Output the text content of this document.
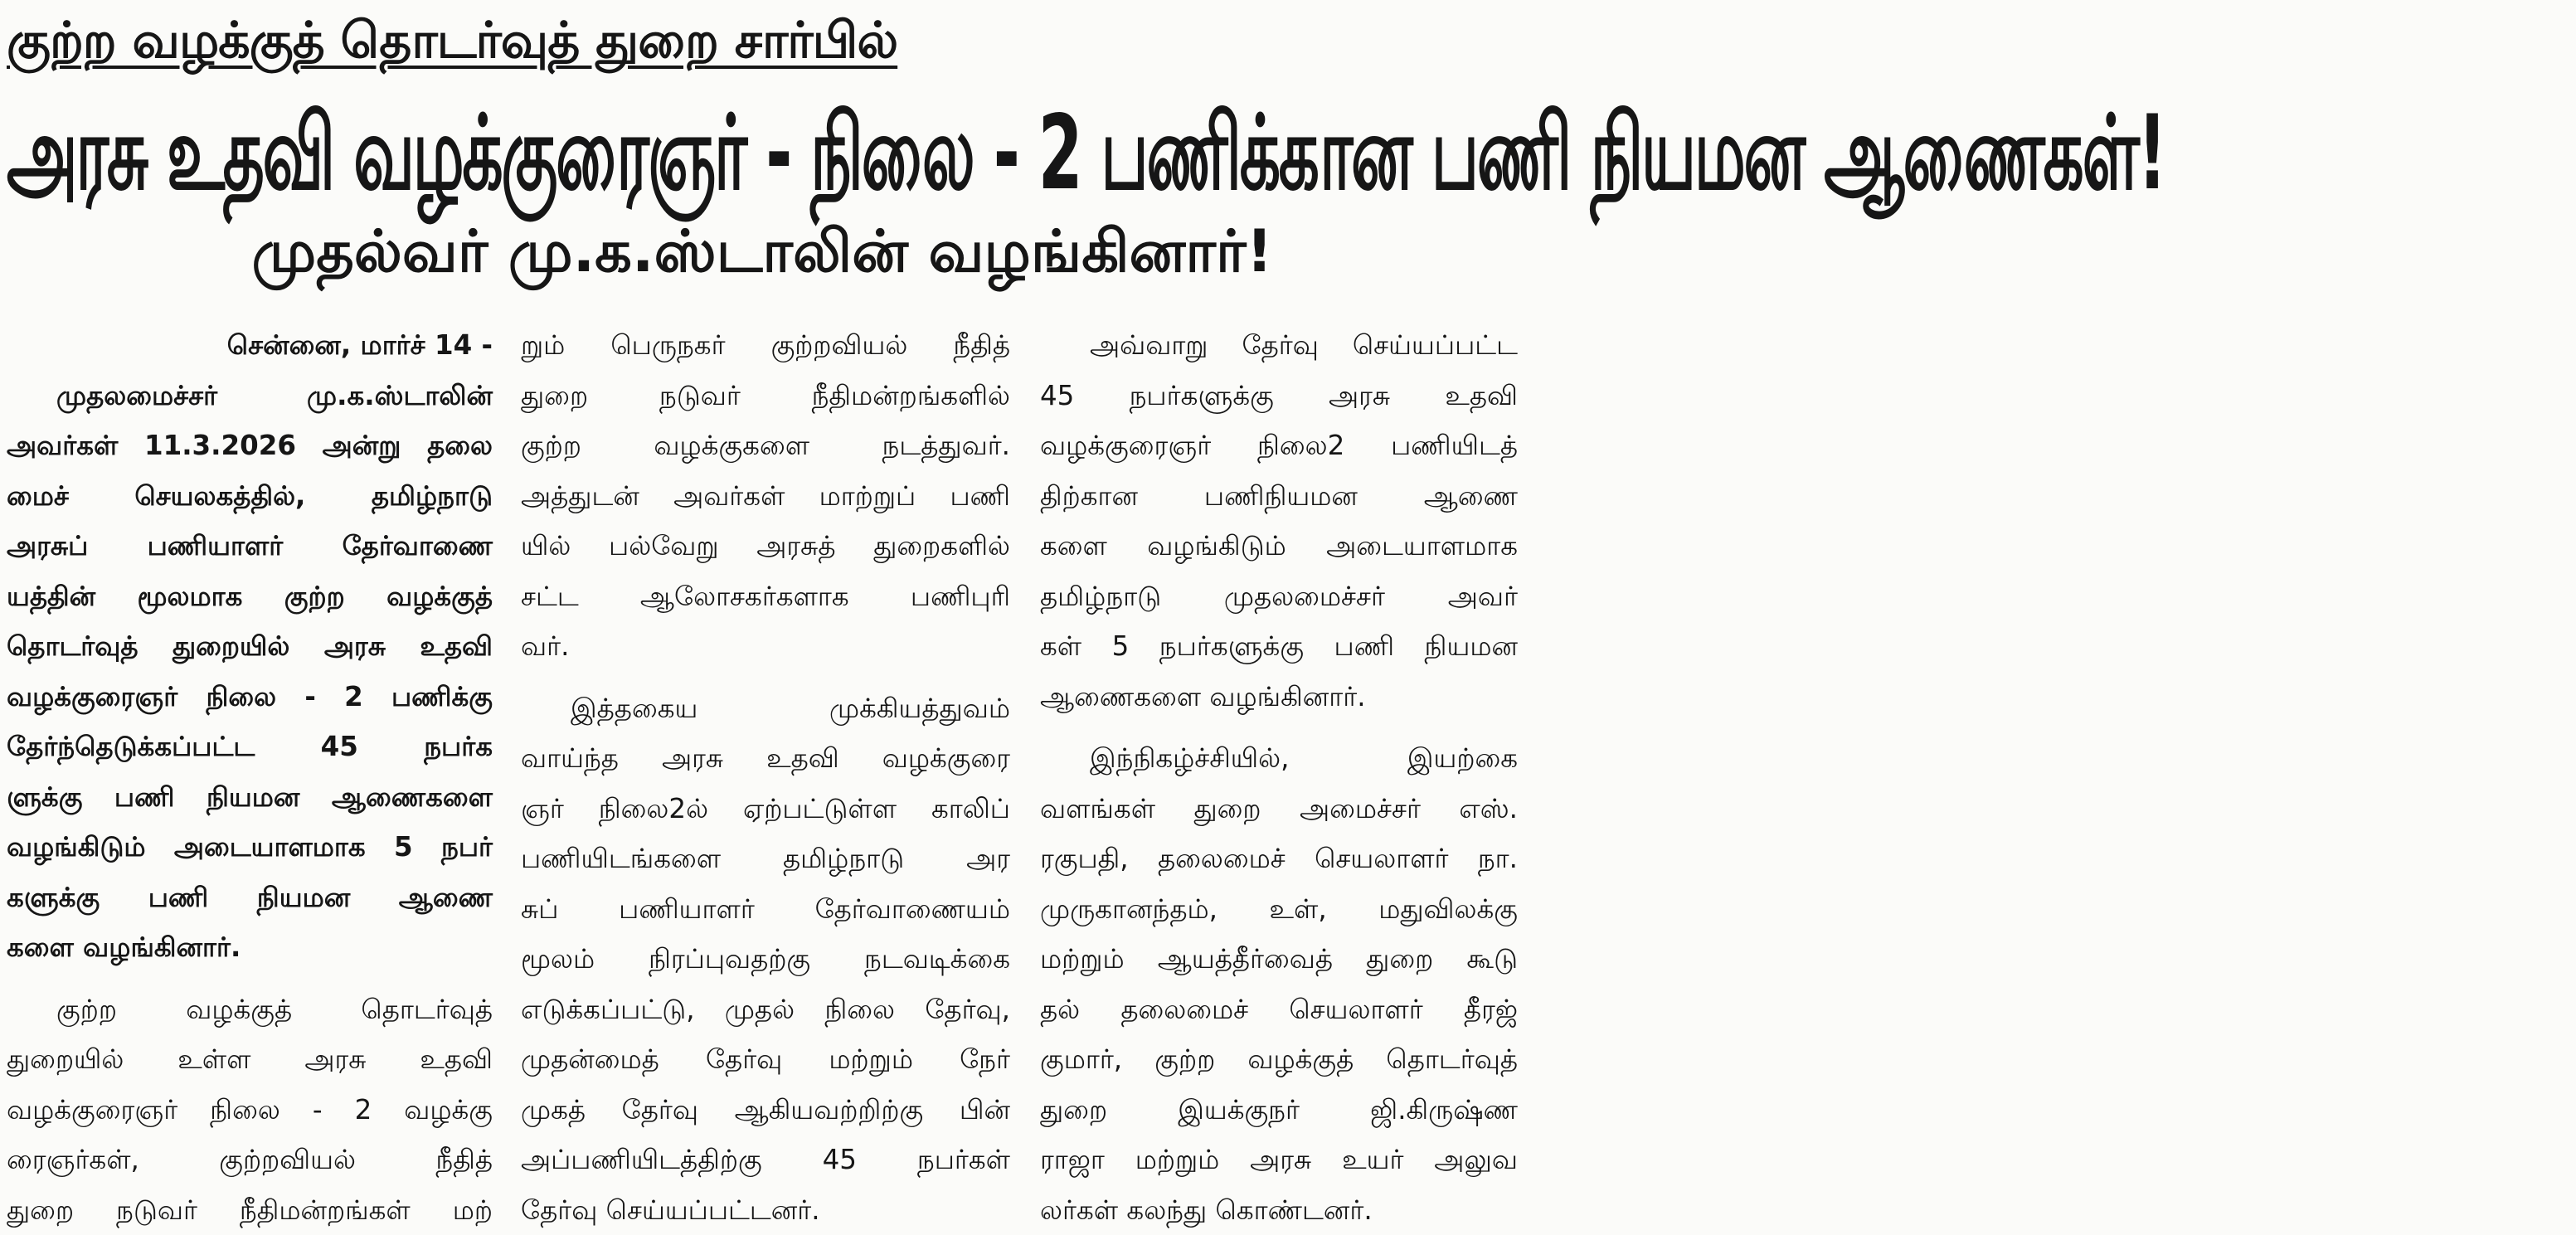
குற்ற வழக்குத் தொடர்வுத் துறை சார்பில்
அரசு உதவி வழக்குரைஞர் - நிலை - 2 பணிக்கான பணி நியமன ஆணைகள்!
முதல்வர் மு.க.ஸ்டாலின் வழங்கினார்!

சென்னை, மார்ச் 14 -

முதலமைச்சர் மு.க.ஸ்டாலின்

அவர்கள் 11.3.2026 அன்று தலை

மைச் செயலகத்தில், தமிழ்நாடு

அரசுப் பணியாளர் தேர்வாணை

யத்தின் மூலமாக குற்ற வழக்குத்

தொடர்வுத் துறையில் அரசு உதவி

வழக்குரைஞர் நிலை - 2 பணிக்கு

தேர்ந்தெடுக்கப்பட்ட 45 நபர்க

ளுக்கு பணி நியமன ஆணைகளை

வழங்கிடும் அடையாளமாக 5 நபர்

களுக்கு பணி நியமன ஆணை

களை வழங்கினார்.

குற்ற வழக்குத் தொடர்வுத்

துறையில் உள்ள அரசு உதவி

வழக்குரைஞர் நிலை - 2 வழக்கு

ரைஞர்கள், குற்றவியல் நீதித்

துறை நடுவர் நீதிமன்றங்கள் மற்

றும் பெருநகர் குற்றவியல் நீதித்

துறை நடுவர் நீதிமன்றங்களில்

குற்ற வழக்குகளை நடத்துவர்.

அத்துடன் அவர்கள் மாற்றுப் பணி

யில் பல்வேறு அரசுத் துறைகளில்

சட்ட ஆலோசகர்களாக பணிபுரி

வர்.

இத்தகைய முக்கியத்துவம்

வாய்ந்த அரசு உதவி வழக்குரை

ஞர் நிலை2ல் ஏற்பட்டுள்ள காலிப்

பணியிடங்களை தமிழ்நாடு அர

சுப் பணியாளர் தேர்வாணையம்

மூலம் நிரப்புவதற்கு நடவடிக்கை

எடுக்கப்பட்டு, முதல் நிலை தேர்வு,

முதன்மைத் தேர்வு மற்றும் நேர்

முகத் தேர்வு ஆகியவற்றிற்கு பின்

அப்பணியிடத்திற்கு 45 நபர்கள்

தேர்வு செய்யப்பட்டனர்.

அவ்வாறு தேர்வு செய்யப்பட்ட

45 நபர்களுக்கு அரசு உதவி

வழக்குரைஞர் நிலை2 பணியிடத்

திற்கான பணிநியமன ஆணை

களை வழங்கிடும் அடையாளமாக

தமிழ்நாடு முதலமைச்சர் அவர்

கள் 5 நபர்களுக்கு பணி நியமன

ஆணைகளை வழங்கினார்.

இந்நிகழ்ச்சியில், இயற்கை

வளங்கள் துறை அமைச்சர் எஸ்.

ரகுபதி, தலைமைச் செயலாளர் நா.

முருகானந்தம், உள், மதுவிலக்கு

மற்றும் ஆயத்தீர்வைத் துறை கூடு

தல் தலைமைச் செயலாளர் தீரஜ்

குமார், குற்ற வழக்குத் தொடர்வுத்

துறை இயக்குநர் ஜி.கிருஷ்ண

ராஜா மற்றும் அரசு உயர் அலுவ

லர்கள் கலந்து கொண்டனர்.
